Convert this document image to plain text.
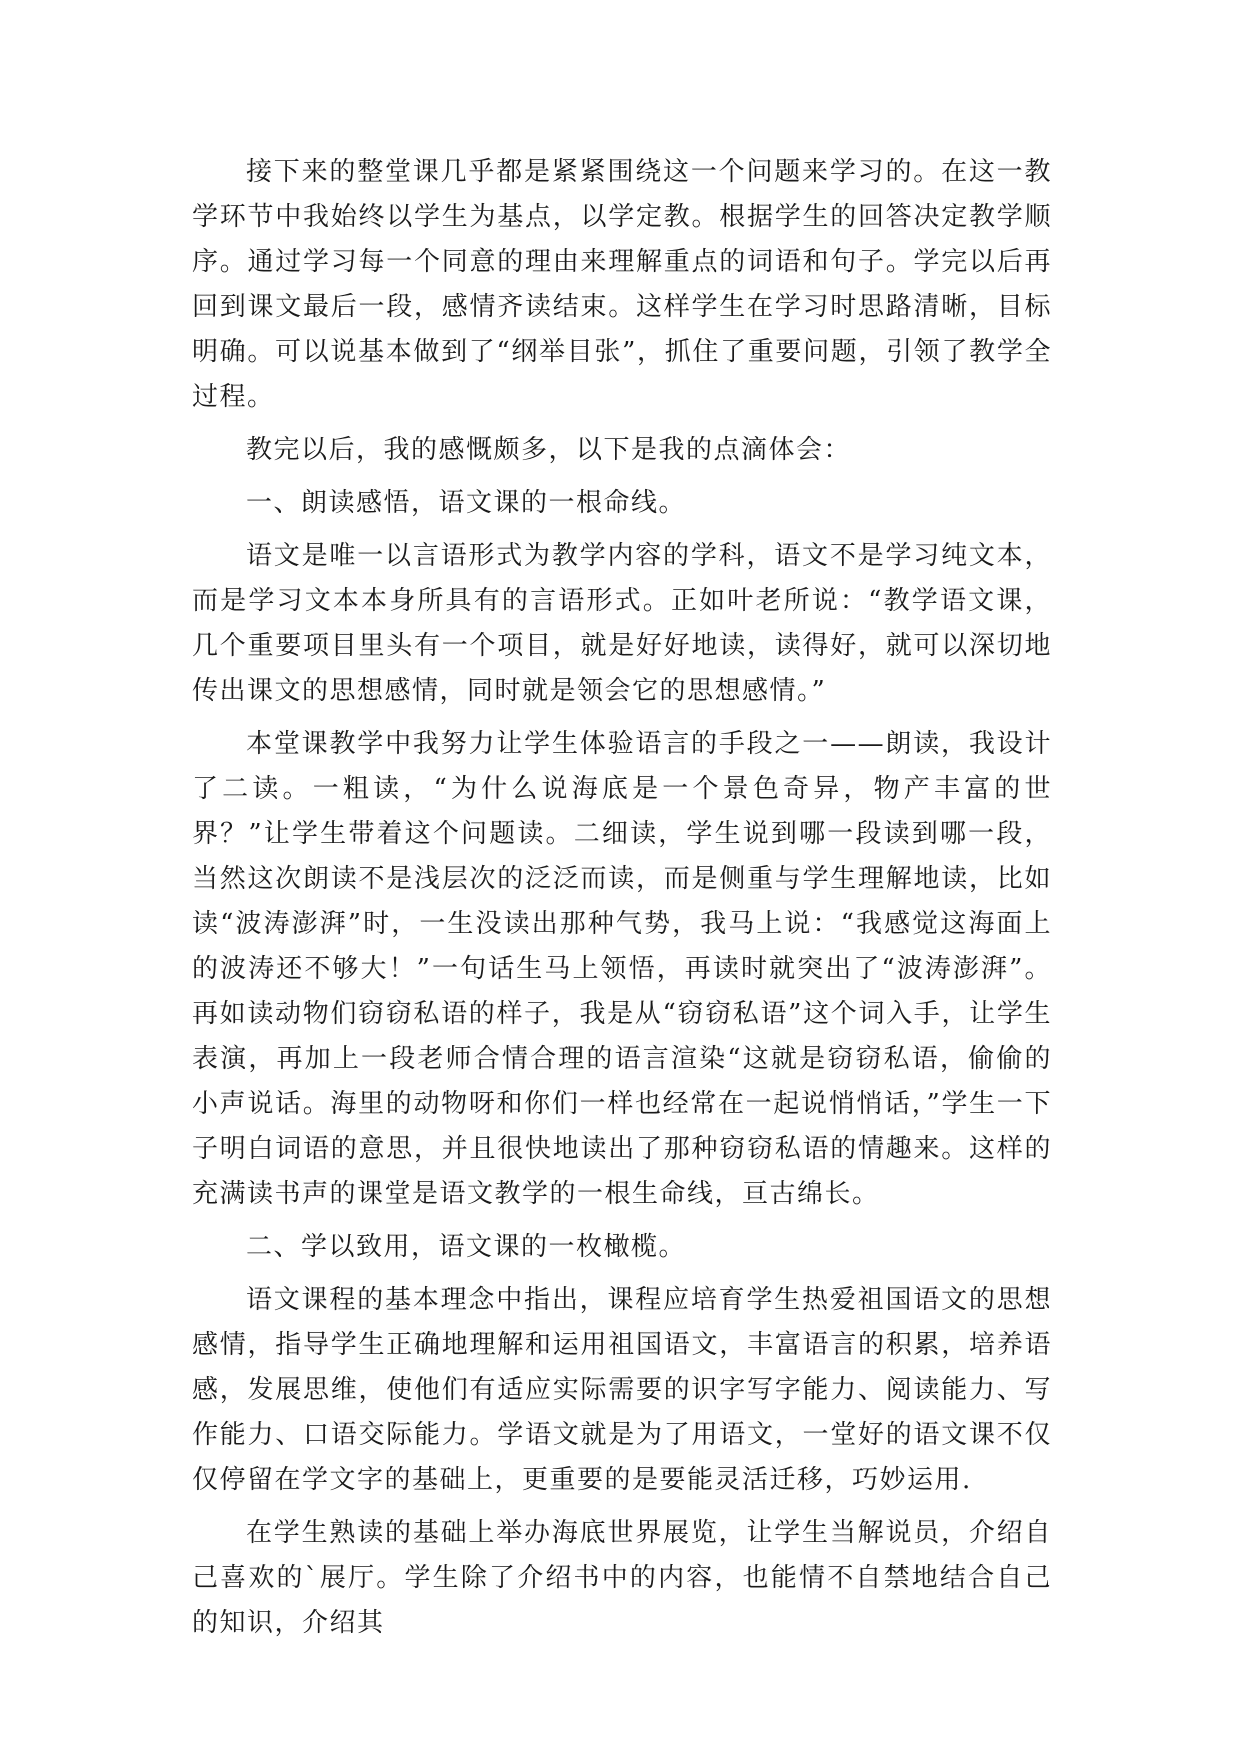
接下来的整堂课几乎都是紧紧围绕这一个问题来学习的。在这一教学环节中我始终以学生为基点，以学定教。根据学生的回答决定教学顺序。通过学习每一个同意的理由来理解重点的词语和句子。学完以后再回到课文最后一段，感情齐读结束。这样学生在学习时思路清晰，目标明确。可以说基本做到了“纲举目张”，抓住了重要问题，引领了教学全过程。

教完以后，我的感慨颇多，以下是我的点滴体会：

一、朗读感悟，语文课的一根命线。

语文是唯一以言语形式为教学内容的学科，语文不是学习纯文本，而是学习文本本身所具有的言语形式。正如叶老所说：“教学语文课，几个重要项目里头有一个项目，就是好好地读，读得好，就可以深切地传出课文的思想感情，同时就是领会它的思想感情。”

本堂课教学中我努力让学生体验语言的手段之一——朗读，我设计了二读。一粗读，“为什么说海底是一个景色奇异，物产丰富的世界？”让学生带着这个问题读。二细读，学生说到哪一段读到哪一段，当然这次朗读不是浅层次的泛泛而读，而是侧重与学生理解地读，比如读“波涛澎湃”时，一生没读出那种气势，我马上说：“我感觉这海面上的波涛还不够大！”一句话生马上领悟，再读时就突出了“波涛澎湃”。再如读动物们窃窃私语的样子，我是从“窃窃私语”这个词入手，让学生表演，再加上一段老师合情合理的语言渲染“这就是窃窃私语，偷偷的小声说话。海里的动物呀和你们一样也经常在一起说悄悄话，”学生一下子明白词语的意思，并且很快地读出了那种窃窃私语的情趣来。这样的充满读书声的课堂是语文教学的一根生命线，亘古绵长。

二、学以致用，语文课的一枚橄榄。

语文课程的基本理念中指出，课程应培育学生热爱祖国语文的思想感情，指导学生正确地理解和运用祖国语文，丰富语言的积累，培养语感，发展思维，使他们有适应实际需要的识字写字能力、阅读能力、写作能力、口语交际能力。学语文就是为了用语文，一堂好的语文课不仅仅停留在学文字的基础上，更重要的是要能灵活迁移，巧妙运用.

在学生熟读的基础上举办海底世界展览，让学生当解说员，介绍自己喜欢的`展厅。学生除了介绍书中的内容，也能情不自禁地结合自己的知识，介绍其
